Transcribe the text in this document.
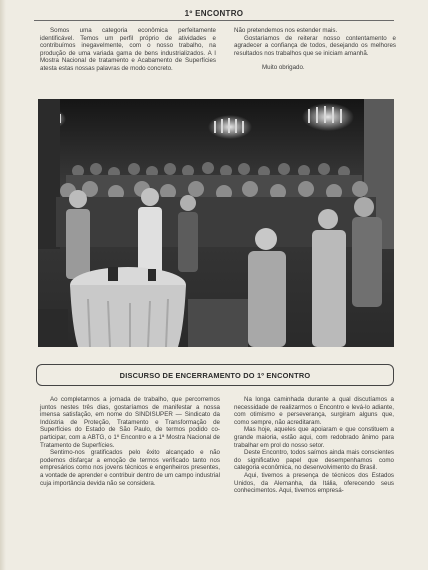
1º ENCONTRO

Somos uma categoria econômica perfeitamente identificável. Temos um perfil próprio de atividades e contribuímos inegavelmente, com o nosso trabalho, na produção de uma variada gama de bens industrializados. A I Mostra Nacional de tratamento e Acabamento de Superfícies atesta estas nossas palavras de modo concreto.

Não pretendemos nos estender mais.

Gostaríamos de reiterar nosso contentamento e agradecer a confiança de todos, desejando os melhores resultados nos trabalhos que se iniciam amanhã.

Muito obrigado.

DISCURSO DE ENCERRAMENTO DO 1º ENCONTRO

Ao completarmos a jornada de trabalho, que percorremos juntos nestes três dias, gostaríamos de manifestar a nossa imensa satisfação, em nome do SINDISUPER — Sindicato da Indústria de Proteção, Tratamento e Transformação de Superfícies do Estado de São Paulo, de termos podido co-participar, com a ABTG, o 1º Encontro e a 1ª Mostra Nacional de Tratamento de Superfícies.

Sentimo-nos gratificados pelo êxito alcançado e não podemos disfarçar a emoção de termos verificado tanto nos empresários como nos jovens técnicos e engenheiros presentes, a vontade de aprender e contribuir dentro de um campo industrial cuja importância devida não se considera.

Na longa caminhada durante a qual discutíamos a necessidade de realizarmos o Encontro e levá-lo adiante, com otimismo e perseverança, surgiram alguns que, como sempre, não acreditaram.

Mas hoje, aqueles que apoiaram e que constituem a grande maioria, estão aqui, com redobrado ânimo para trabalhar em prol do nosso setor.

Deste Encontro, todos saímos ainda mais conscientes do significativo papel que desempenhamos como categoria econômica, no desenvolvimento do Brasil.

Aqui, tivemos a presença de técnicos dos Estados Unidos, da Alemanha, da Itália, oferecendo seus conhecimentos. Aqui, tivemos empresá-
